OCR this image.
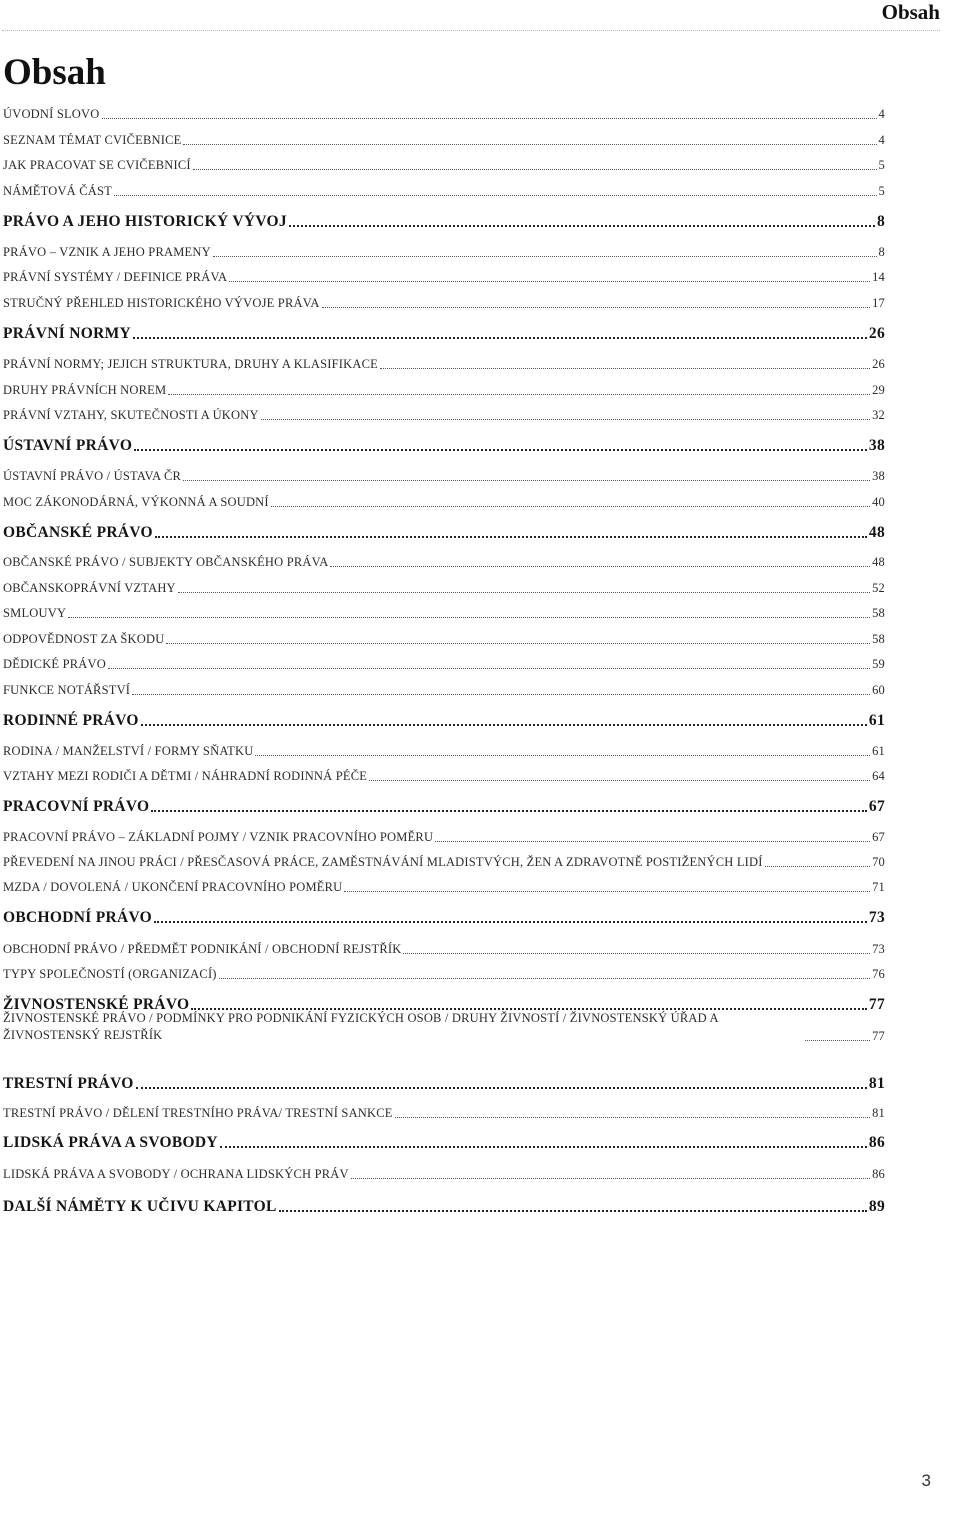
Obsah
Obsah
ÚVODNÍ SLOVO	4
SEZNAM TÉMAT CVIČEBNICE	4
JAK PRACOVAT SE CVIČEBNICÍ	5
NÁMĚTOVÁ ČÁST	5
PRÁVO A JEHO HISTORICKÝ VÝVOJ	8
PRÁVO – VZNIK A JEHO PRAMENY	8
PRÁVNÍ SYSTÉMY / DEFINICE PRÁVA	14
STRUČNÝ PŘEHLED HISTORICKÉHO VÝVOJE PRÁVA	17
PRÁVNÍ NORMY	26
PRÁVNÍ NORMY; JEJICH STRUKTURA, DRUHY A KLASIFIKACE	26
DRUHY PRÁVNÍCH NOREM	29
PRÁVNÍ VZTAHY, SKUTEČNOSTI A ÚKONY	32
ÚSTAVNÍ PRÁVO	38
ÚSTAVNÍ PRÁVO / ÚSTAVA ČR	38
MOC ZÁKONODÁRNÁ, VÝKONNÁ A SOUDNÍ	40
OBČANSKÉ PRÁVO	48
OBČANSKÉ PRÁVO / SUBJEKTY OBČANSKÉHO PRÁVA	48
OBČANSKOPRÁVNÍ VZTAHY	52
SMLOUVY	58
ODPOVĚDNOST ZA ŠKODU	58
DĚDICKÉ PRÁVO	59
FUNKCE NOTÁŘSTVÍ	60
RODINNÉ PRÁVO	61
RODINA / MANŽELSTVÍ / FORMY SŇATKU	61
VZTAHY MEZI RODIČI A DĚTMI / NÁHRADNÍ RODINNÁ PÉČE	64
PRACOVNÍ PRÁVO	67
PRACOVNÍ PRÁVO – ZÁKLADNÍ POJMY / VZNIK PRACOVNÍHO POMĚRU	67
PŘEVEDENÍ NA JINOU PRÁCI / PŘESČASOVÁ PRÁCE, ZAMĚSTNÁVÁNÍ MLADISTVÝCH, ŽEN A ZDRAVOTNĚ POSTIŽENÝCH LIDÍ	70
MZDA / DOVOLENÁ / UKONČENÍ PRACOVNÍHO POMĚRU	71
OBCHODNÍ PRÁVO	73
OBCHODNÍ PRÁVO / PŘEDMĚT PODNIKÁNÍ / OBCHODNÍ REJSTŘÍK	73
TYPY SPOLEČNOSTÍ (ORGANIZACÍ)	76
ŽIVNOSTENSKÉ PRÁVO	77
ŽIVNOSTENSKÉ PRÁVO / PODMÍNKY PRO PODNIKÁNÍ FYZICKÝCH OSOB / DRUHY ŽIVNOSTÍ / ŽIVNOSTENSKÝ ÚŘAD A ŽIVNOSTENSKÝ REJSTŘÍK	77
TRESTNÍ PRÁVO	81
TRESTNÍ PRÁVO / DĚLENÍ TRESTNÍHO PRÁVA/ TRESTNÍ SANKCE	81
LIDSKÁ PRÁVA A SVOBODY	86
LIDSKÁ PRÁVA A SVOBODY / OCHRANA LIDSKÝCH PRÁV	86
DALŠÍ NÁMĚTY K UČIVU KAPITOL	89
3
